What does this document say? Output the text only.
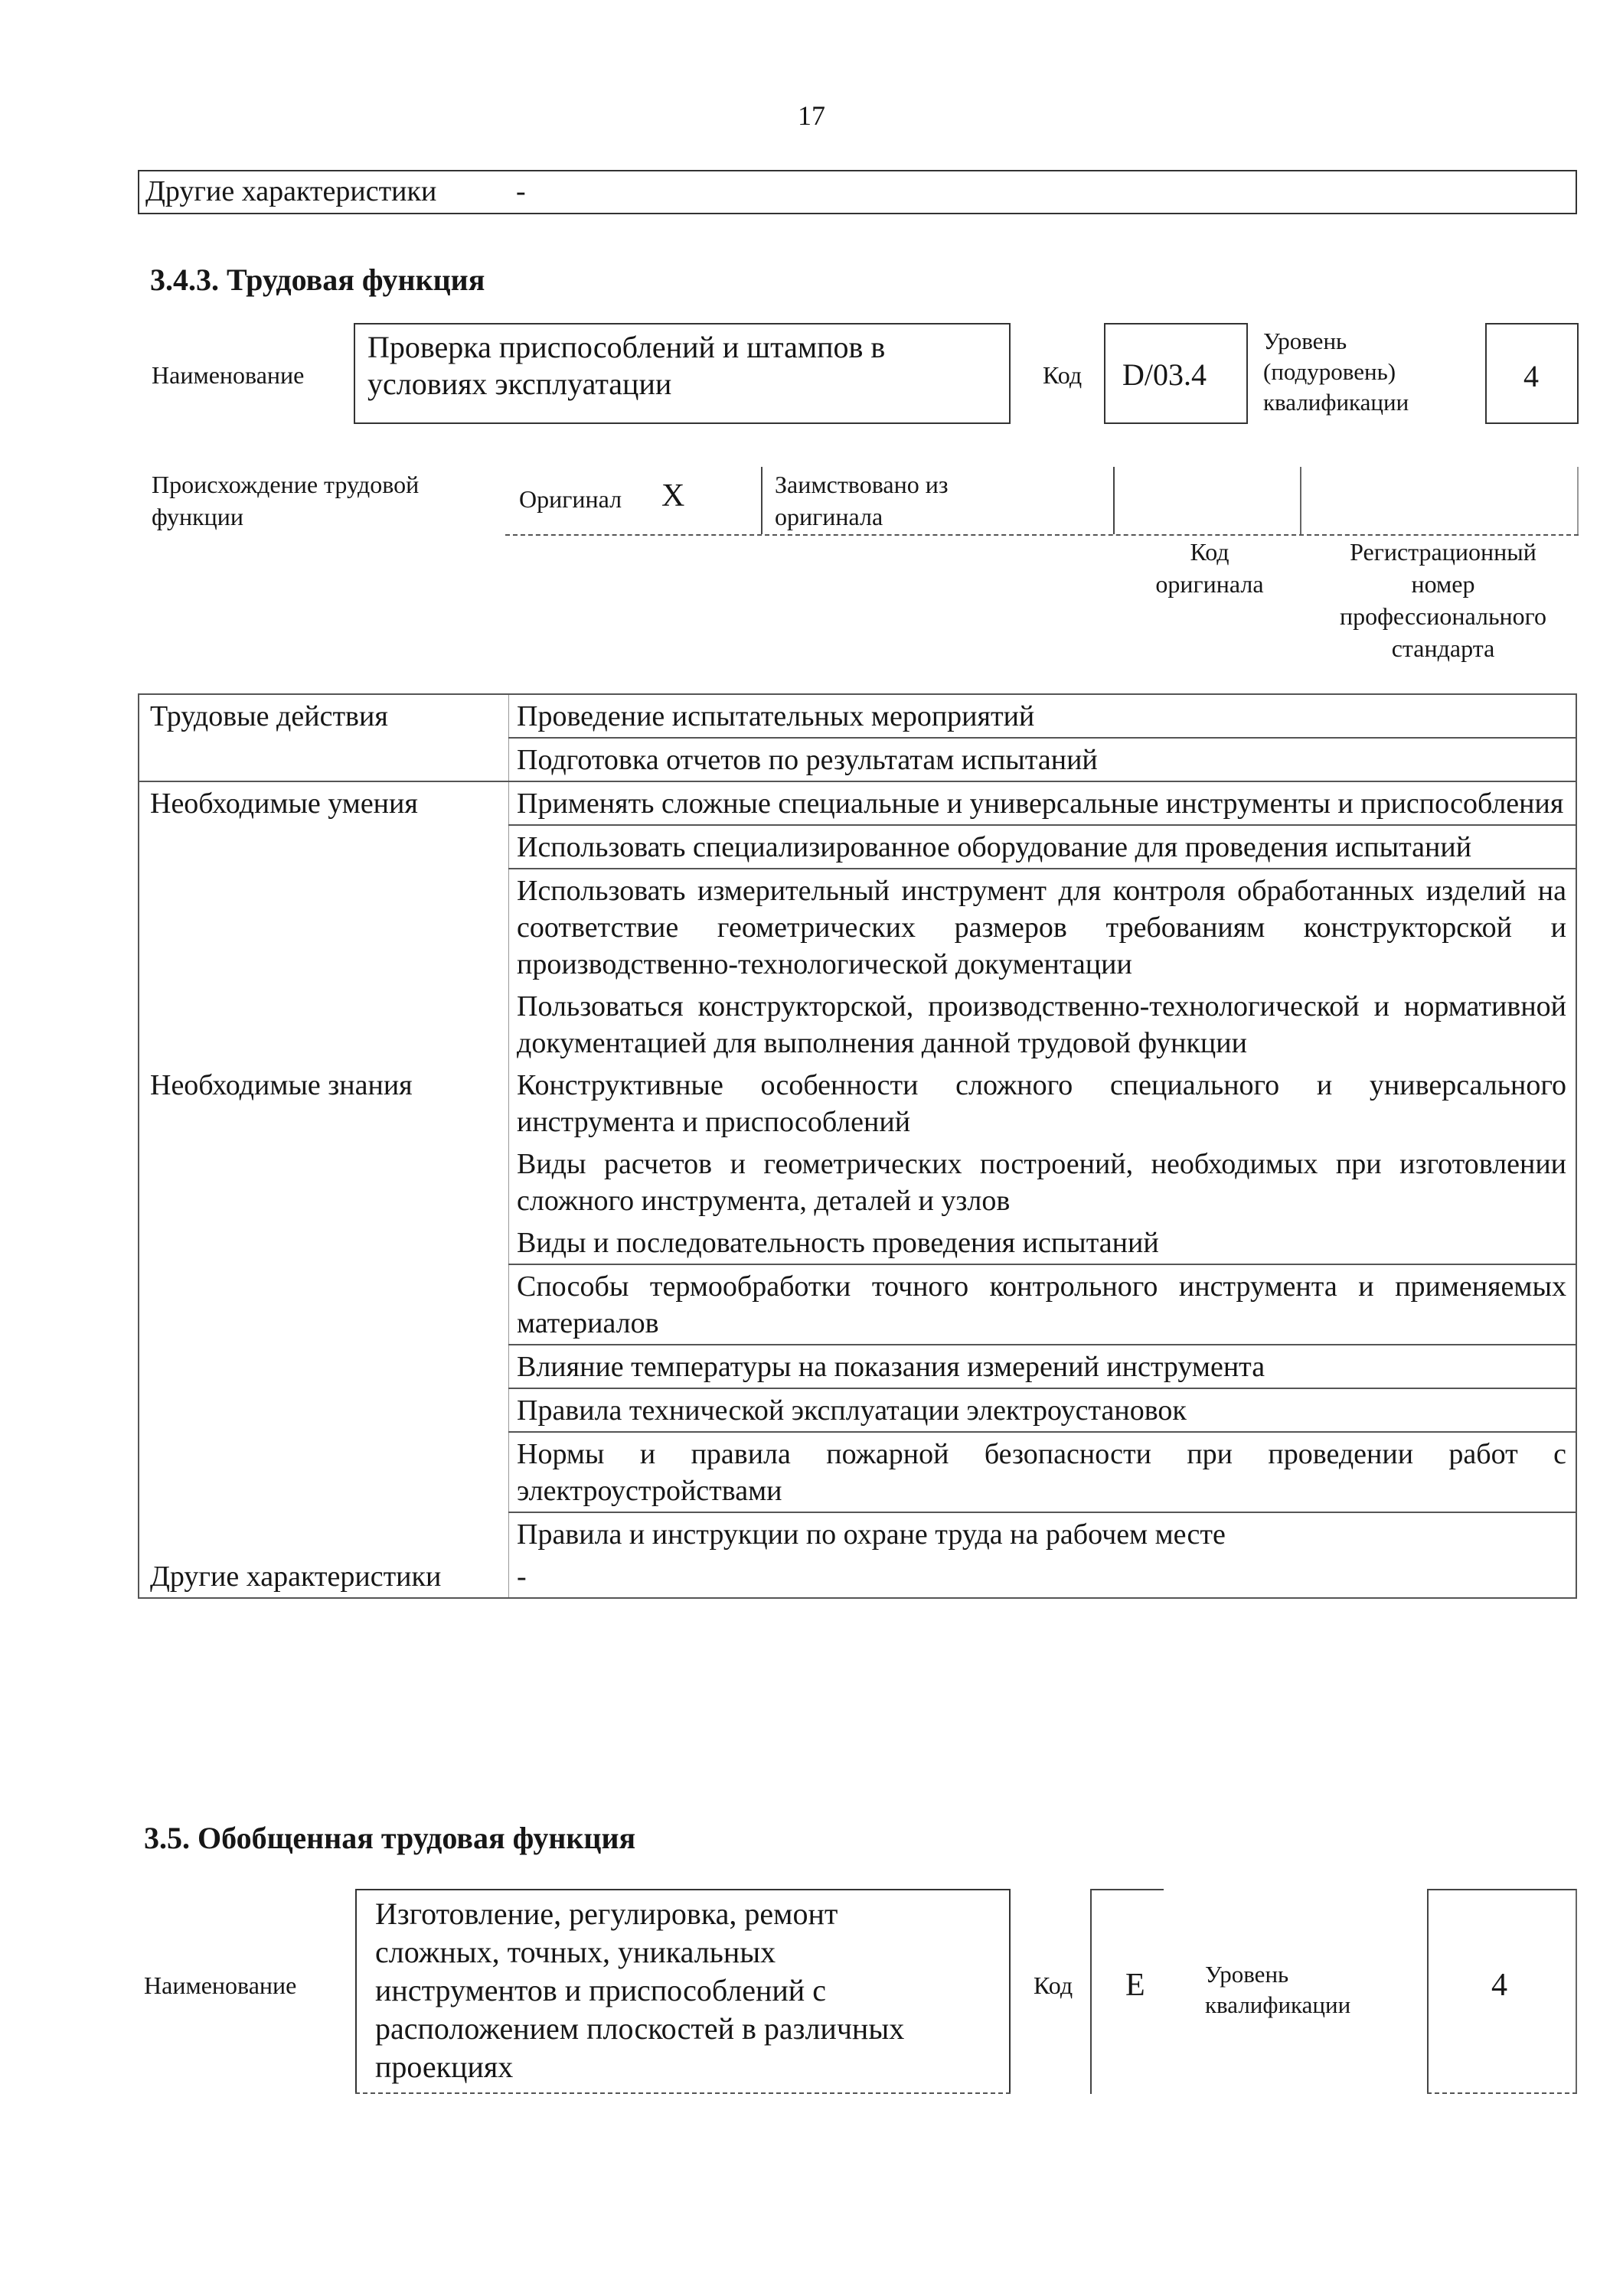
17
Другие характеристики	-
3.4.3. Трудовая функция
Наименование
Проверка приспособлений и штампов в
условиях эксплуатации	Код D/03.4
Уровень
(подуровень)
квалификации
4
Происхождение трудовой
функции
Оригинал X	Заимствовано из
оригинала
Код
оригинала
Регистрационный
номер
профессионального
стандарта
Трудовые действия	Проведение испытательных мероприятий
	Подготовка отчетов по результатам испытаний
Необходимые умения	Применять сложные специальные и универсальные инструменты и приспособления
	Использовать специализированное оборудование для проведения испытаний
	Использовать измерительный инструмент для контроля обработанных изделий на соответствие геометрических размеров требованиям конструкторской и производственно-технологической документации
	Пользоваться конструкторской, производственно-технологической и нормативной документацией для выполнения данной трудовой функции
Необходимые знания	Конструктивные особенности сложного специального и универсального инструмента и приспособлений
	Виды расчетов и геометрических построений, необходимых при изготовлении сложного инструмента, деталей и узлов
	Виды и последовательность проведения испытаний
	Способы термообработки точного контрольного инструмента и применяемых материалов
	Влияние температуры на показания измерений инструмента
	Правила технической эксплуатации электроустановок
	Нормы и правила пожарной безопасности при проведении работ с электроустройствами
	Правила и инструкции по охране труда на рабочем месте
Другие характеристики	-
3.5. Обобщенная трудовая функция
Наименование
Изготовление, регулировка, ремонт
сложных, точных, уникальных
инструментов и приспособлений с
расположением плоскостей в различных
проекциях
Код E	Уровень
квалификации
4
